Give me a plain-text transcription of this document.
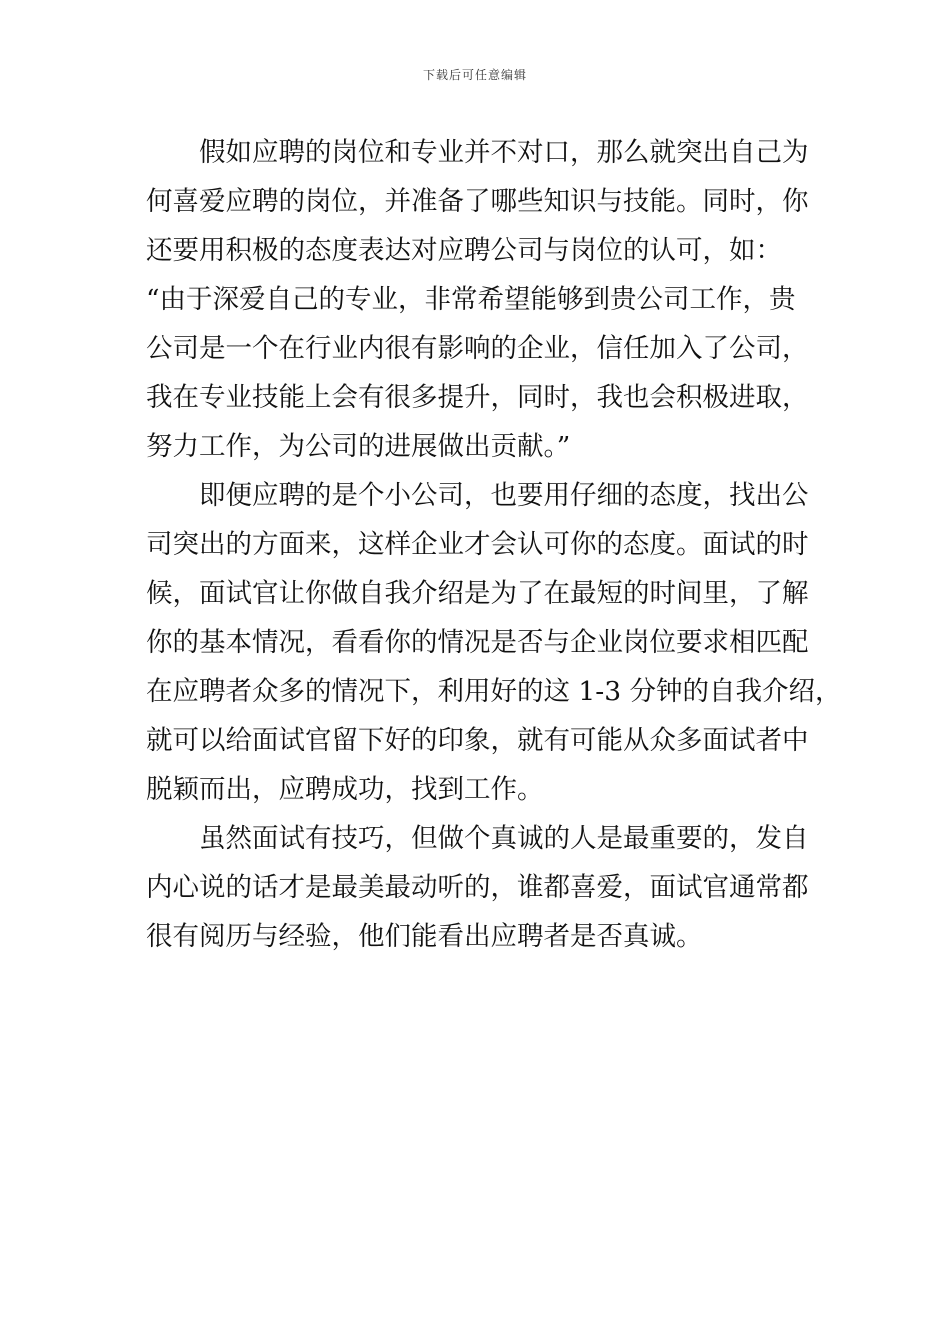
下载后可任意编辑

假如应聘的岗位和专业并不对口，那么就突出自己为
何喜爱应聘的岗位，并准备了哪些知识与技能。同时，你
还要用积极的态度表达对应聘公司与岗位的认可，如：
“由于深爱自己的专业，非常希望能够到贵公司工作，贵
公司是一个在行业内很有影响的企业，信任加入了公司，
我在专业技能上会有很多提升，同时，我也会积极进取，
努力工作，为公司的进展做出贡献。”

即便应聘的是个小公司，也要用仔细的态度，找出公
司突出的方面来，这样企业才会认可你的态度。面试的时
候，面试官让你做自我介绍是为了在最短的时间里，了解
你的基本情况，看看你的情况是否与企业岗位要求相匹配
在应聘者众多的情况下，利用好的这 1-3 分钟的自我介绍，
就可以给面试官留下好的印象，就有可能从众多面试者中
脱颖而出，应聘成功，找到工作。

虽然面试有技巧，但做个真诚的人是最重要的，发自
内心说的话才是最美最动听的，谁都喜爱，面试官通常都
很有阅历与经验，他们能看出应聘者是否真诚。
